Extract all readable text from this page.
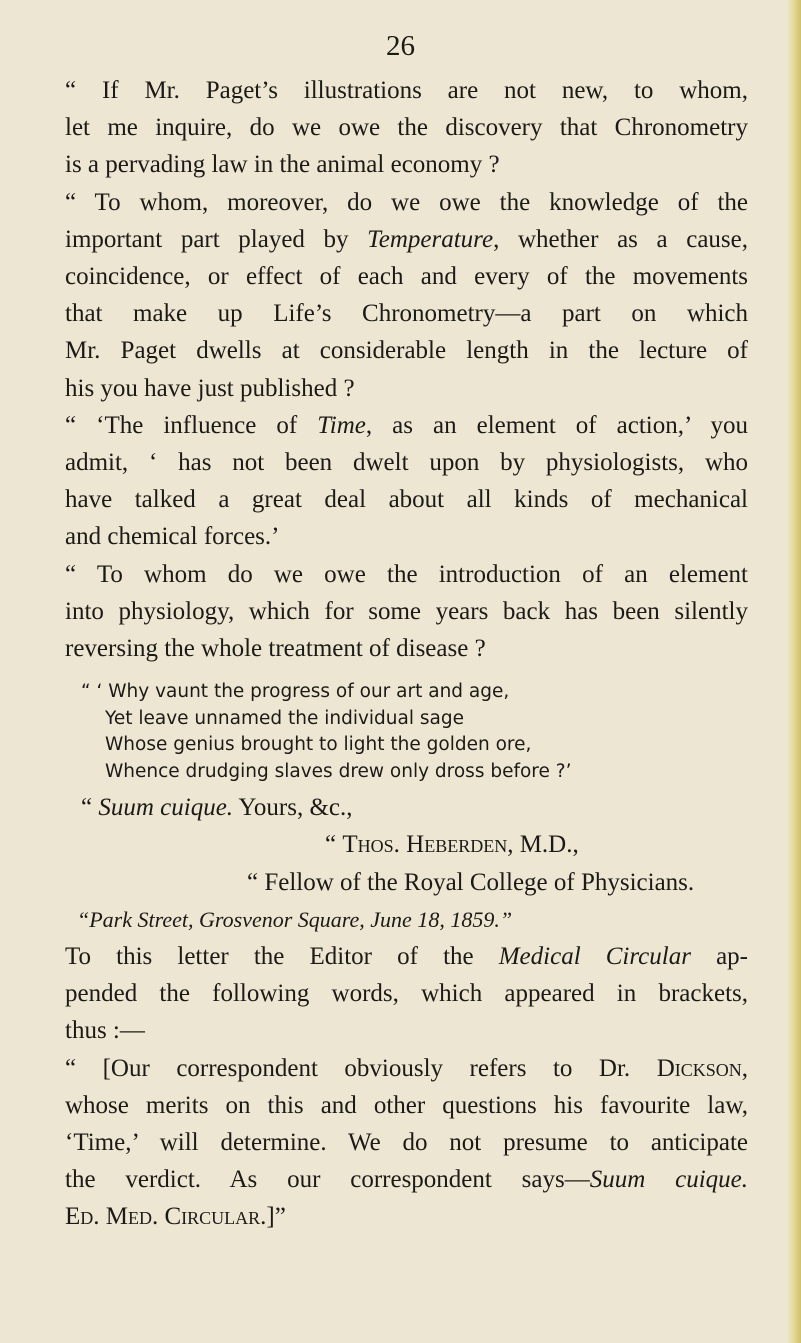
26

“ If Mr. Paget’s illustrations are not new, to whom,
let me inquire, do we owe the discovery that Chronometry
is a pervading law in the animal economy ?

“ To whom, moreover, do we owe the knowledge of the
important part played by Temperature, whether as a cause,
coincidence, or effect of each and every of the movements
that make up Life’s Chronometry—a part on which
Mr. Paget dwells at considerable length in the lecture of
his you have just published ?

“ ‘The influence of Time, as an element of action,’ you
admit, ‘ has not been dwelt upon by physiologists, who
have talked a great deal about all kinds of mechanical
and chemical forces.’

“ To whom do we owe the introduction of an element
into physiology, which for some years back has been silently
reversing the whole treatment of disease ?

“ ‘ Why vaunt the progress of our art and age,
Yet leave unnamed the individual sage
Whose genius brought to light the golden ore,
Whence drudging slaves drew only dross before ?’
“ Suum cuique. Yours, &c.,
“ Thos. Heberden, M.D.,
“ Fellow of the Royal College of Physicians.
“Park Street, Grosvenor Square, June 18, 1859.”

To this letter the Editor of the Medical Circular ap-
pended the following words, which appeared in brackets,
thus :—

“ [Our correspondent obviously refers to Dr. Dickson,
whose merits on this and other questions his favourite law,
‘Time,’ will determine. We do not presume to anticipate
the verdict. As our correspondent says—Suum cuique.
Ed. Med. Circular.]”
